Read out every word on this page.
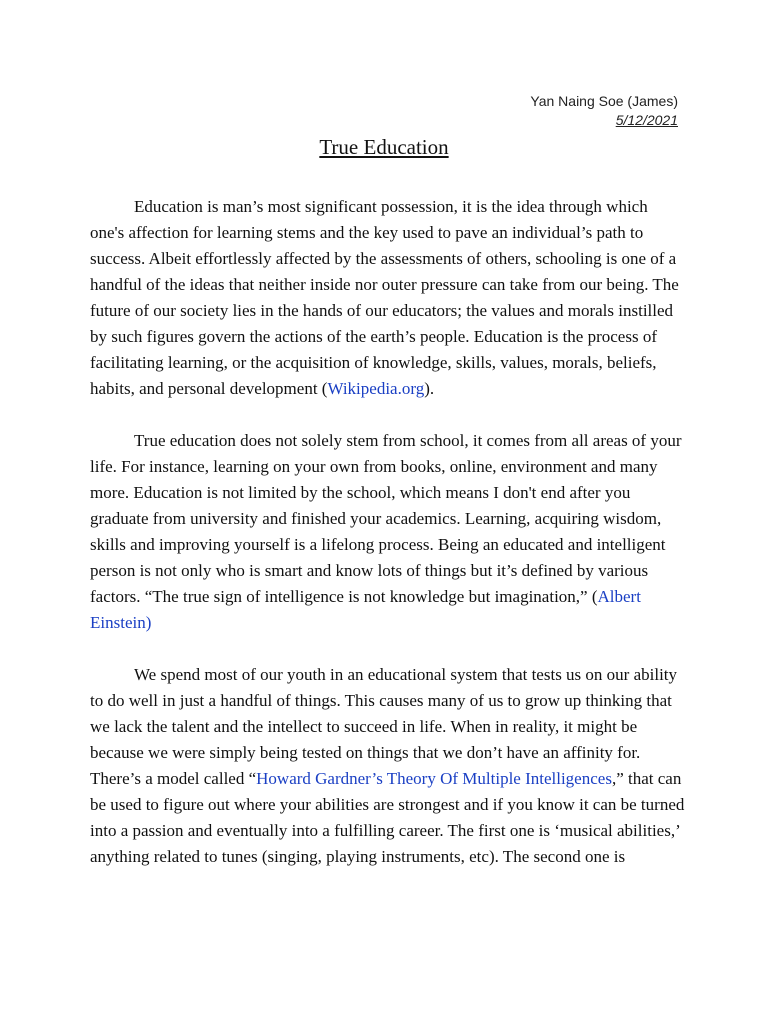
Yan Naing Soe (James)
5/12/2021
True Education

Education is man’s most significant possession, it is the idea through which one's affection for learning stems and the key used to pave an individual’s path to success. Albeit effortlessly affected by the assessments of others, schooling is one of a handful of the ideas that neither inside nor outer pressure can take from our being. The future of our society lies in the hands of our educators; the values and morals instilled by such figures govern the actions of the earth’s people. Education is the process of facilitating learning, or the acquisition of knowledge, skills, values, morals, beliefs, habits, and personal development (Wikipedia.org).

True education does not solely stem from school, it comes from all areas of your life. For instance, learning on your own from books, online, environment and many more. Education is not limited by the school, which means I don't end after you graduate from university and finished your academics. Learning, acquiring wisdom, skills and improving yourself is a lifelong process. Being an educated and intelligent person is not only who is smart and know lots of things but it’s defined by various factors. “The true sign of intelligence is not knowledge but imagination,” (Albert Einstein)

We spend most of our youth in an educational system that tests us on our ability to do well in just a handful of things. This causes many of us to grow up thinking that we lack the talent and the intellect to succeed in life. When in reality, it might be because we were simply being tested on things that we don’t have an affinity for. There’s a model called “Howard Gardner’s Theory Of Multiple Intelligences,” that can be used to figure out where your abilities are strongest and if you know it can be turned into a passion and eventually into a fulfilling career. The first one is ‘musical abilities,’ anything related to tunes (singing, playing instruments, etc). The second one is
